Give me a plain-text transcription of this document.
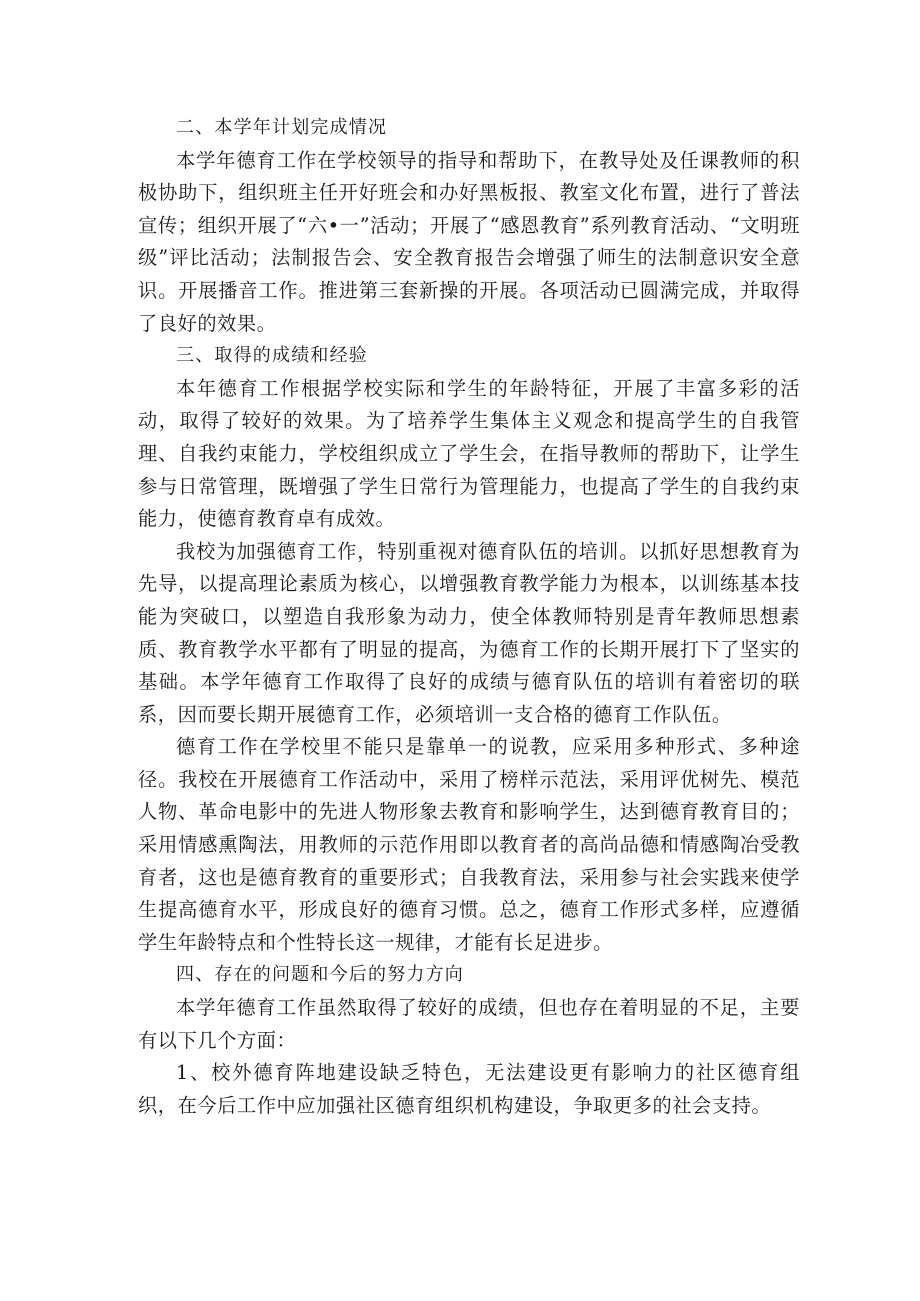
二、本学年计划完成情况

本学年德育工作在学校领导的指导和帮助下，在教导处及任课教师的积极协助下，组织班主任开好班会和办好黑板报、教室文化布置，进行了普法宣传；组织开展了“六•一”活动；开展了“感恩教育”系列教育活动、“文明班级”评比活动；法制报告会、安全教育报告会增强了师生的法制意识安全意识。开展播音工作。推进第三套新操的开展。各项活动已圆满完成，并取得了良好的效果。

三、取得的成绩和经验

本年德育工作根据学校实际和学生的年龄特征，开展了丰富多彩的活动，取得了较好的效果。为了培养学生集体主义观念和提高学生的自我管理、自我约束能力，学校组织成立了学生会，在指导教师的帮助下，让学生参与日常管理，既增强了学生日常行为管理能力，也提高了学生的自我约束能力，使德育教育卓有成效。

我校为加强德育工作，特别重视对德育队伍的培训。以抓好思想教育为先导，以提高理论素质为核心，以增强教育教学能力为根本，以训练基本技能为突破口，以塑造自我形象为动力，使全体教师特别是青年教师思想素质、教育教学水平都有了明显的提高，为德育工作的长期开展打下了坚实的基础。本学年德育工作取得了良好的成绩与德育队伍的培训有着密切的联系，因而要长期开展德育工作，必须培训一支合格的德育工作队伍。

德育工作在学校里不能只是靠单一的说教，应采用多种形式、多种途径。我校在开展德育工作活动中，采用了榜样示范法，采用评优树先、模范人物、革命电影中的先进人物形象去教育和影响学生，达到德育教育目的；采用情感熏陶法，用教师的示范作用即以教育者的高尚品德和情感陶冶受教育者，这也是德育教育的重要形式；自我教育法，采用参与社会实践来使学生提高德育水平，形成良好的德育习惯。总之，德育工作形式多样，应遵循学生年龄特点和个性特长这一规律，才能有长足进步。

四、存在的问题和今后的努力方向

本学年德育工作虽然取得了较好的成绩，但也存在着明显的不足，主要有以下几个方面：

1、校外德育阵地建设缺乏特色，无法建设更有影响力的社区德育组织，在今后工作中应加强社区德育组织机构建设，争取更多的社会支持。
